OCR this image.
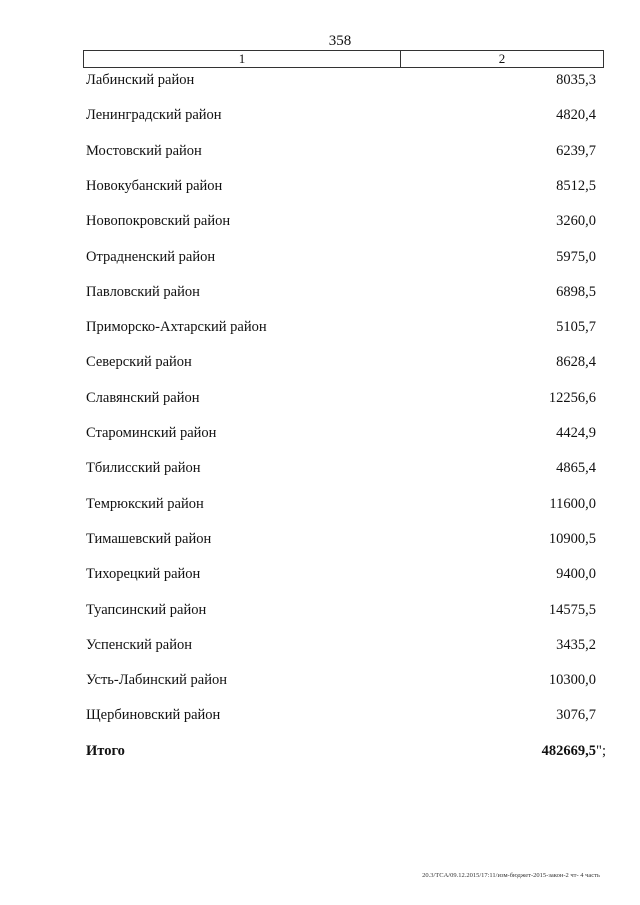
358
1	2
Лабинский район	8035,3
Ленинградский район	4820,4
Мостовский район	6239,7
Новокубанский район	8512,5
Новопокровский район	3260,0
Отрадненский район	5975,0
Павловский район	6898,5
Приморско-Ахтарский район	5105,7
Северский район	8628,4
Славянский район	12256,6
Староминский район	4424,9
Тбилисский район	4865,4
Темрюкский район	11600,0
Тимашевский район	10900,5
Тихорецкий район	9400,0
Туапсинский район	14575,5
Успенский район	3435,2
Усть-Лабинский район	10300,0
Щербиновский район	3076,7
Итого	482669,5";
20.3/TCA/09.12.2015/17:11/изм-бюджет-2015-закон-2 чт- 4 часть
